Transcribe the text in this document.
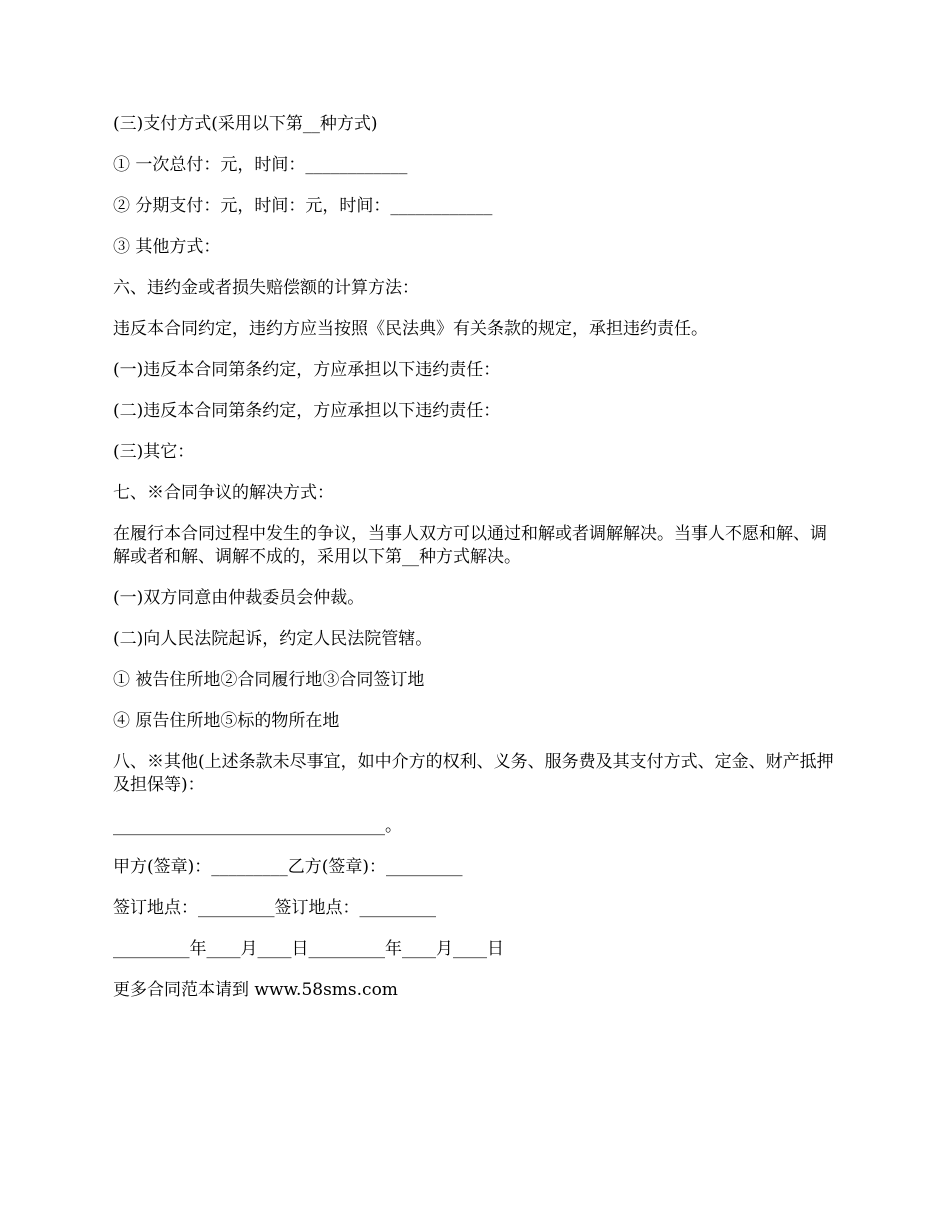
(三)支付方式(采用以下第__种方式)

① 一次总付：元，时间：____________

② 分期支付：元，时间：元，时间：____________

③ 其他方式：

六、违约金或者损失赔偿额的计算方法：

违反本合同约定，违约方应当按照《民法典》有关条款的规定，承担违约责任。

(一)违反本合同第条约定，方应承担以下违约责任：

(二)违反本合同第条约定，方应承担以下违约责任：

(三)其它：

七、※合同争议的解决方式：

在履行本合同过程中发生的争议，当事人双方可以通过和解或者调解解决。当事人不愿和解、调解或者和解、调解不成的，采用以下第__种方式解决。

(一)双方同意由仲裁委员会仲裁。

(二)向人民法院起诉，约定人民法院管辖。

① 被告住所地②合同履行地③合同签订地

④ 原告住所地⑤标的物所在地

八、※其他(上述条款未尽事宜，如中介方的权利、义务、服务费及其支付方式、定金、财产抵押及担保等)：

________________________________。

甲方(签章)：_________乙方(签章)：_________

签订地点：_________签订地点：_________

_________年____月____日_________年____月____日

更多合同范本请到 www.58sms.com
